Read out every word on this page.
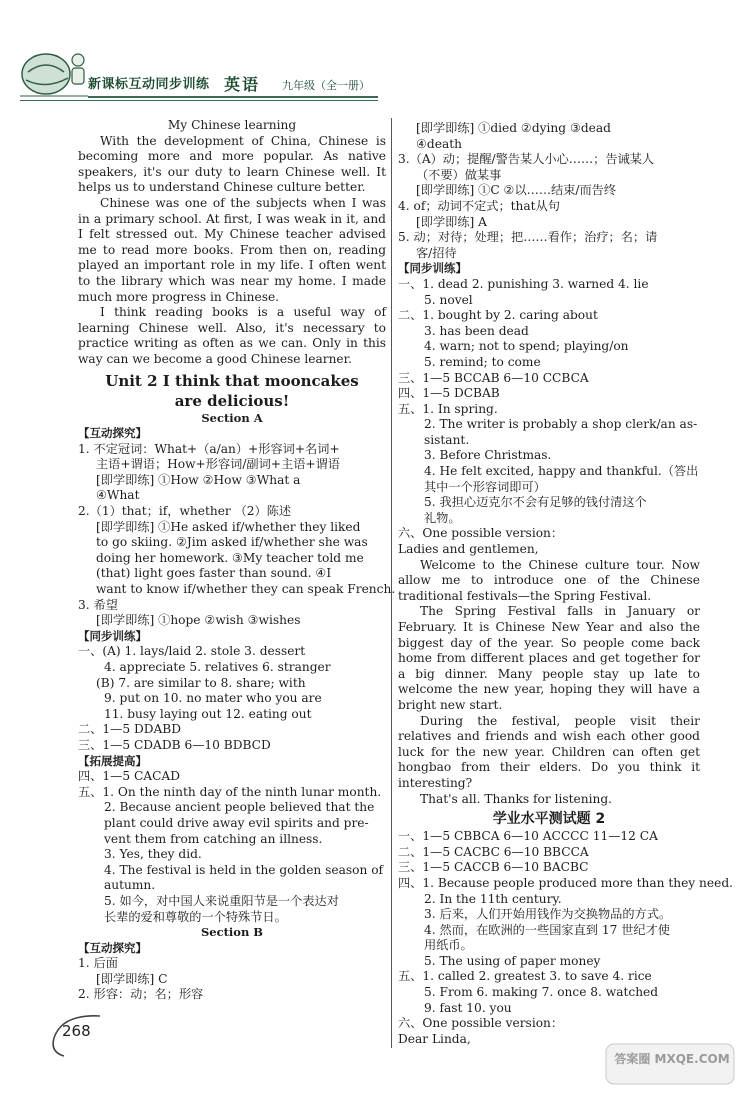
新课标互动同步训练 英语 九年级（全一册）
My Chinese learning
With the development of China, Chinese is becoming more and more popular. As native speakers, it's our duty to learn Chinese well. It helps us to understand Chinese culture better.
Chinese was one of the subjects when I was in a primary school. At first, I was weak in it, and I felt stressed out. My Chinese teacher advised me to read more books. From then on, reading played an important role in my life. I often went to the library which was near my home. I made much more progress in Chinese.
I think reading books is a useful way of learning Chinese well. Also, it's necessary to practice writing as often as we can. Only in this way can we become a good Chinese learner.
Unit 2 I think that mooncakes
are delicious!
Section A
【互动探究】
1. 不定冠词：What+（a/an）+形容词+名词+
主语+谓语；How+形容词/副词+主语+谓语
[即学即练] ①How ②How ③What a
④What
2.（1）that；if，whether （2）陈述
[即学即练] ①He asked if/whether they liked
to go skiing. ②Jim asked if/whether she was
doing her homework. ③My teacher told me
(that) light goes faster than sound. ④I
want to know if/whether they can speak French.
3. 希望
[即学即练] ①hope ②wish ③wishes
【同步训练】
一、(A) 1. lays/laid 2. stole 3. dessert
4. appreciate 5. relatives 6. stranger
(B) 7. are similar to 8. share; with
9. put on 10. no mater who you are
11. busy laying out 12. eating out
二、1—5 DDABD
三、1—5 CDADB 6—10 BDBCD
【拓展提高】
四、1—5 CACAD
五、1. On the ninth day of the ninth lunar month.
2. Because ancient people believed that the
plant could drive away evil spirits and pre-
vent them from catching an illness.
3. Yes, they did.
4. The festival is held in the golden season of
autumn.
5. 如今，对中国人来说重阳节是一个表达对
长辈的爱和尊敬的一个特殊节日。
Section B
【互动探究】
1. 后面
[即学即练] C
2. 形容：动；名；形容
[即学即练] ①died ②dying ③dead
④death
3.（A）动；提醒/警告某人小心……；告诫某人
（不要）做某事
[即学即练] ①C ②以……结束/而告终
4. of；动词不定式；that从句
[即学即练] A
5. 动；对待；处理；把……看作；治疗；名；请
客/招待
【同步训练】
一、1. dead 2. punishing 3. warned 4. lie
5. novel
二、1. bought by 2. caring about
3. has been dead
4. warn; not to spend; playing/on
5. remind; to come
三、1—5 BCCAB 6—10 CCBCA
四、1—5 DCBAB
五、1. In spring.
2. The writer is probably a shop clerk/an as-
sistant.
3. Before Christmas.
4. He felt excited, happy and thankful.（答出
其中一个形容词即可）
5. 我担心迈克尔不会有足够的钱付清这个
礼物。
六、One possible version：
Ladies and gentlemen,
Welcome to the Chinese culture tour. Now allow me to introduce one of the Chinese traditional festivals—the Spring Festival.
The Spring Festival falls in January or February. It is Chinese New Year and also the biggest day of the year. So people come back home from different places and get together for a big dinner. Many people stay up late to welcome the new year, hoping they will have a bright new start.
During the festival, people visit their relatives and friends and wish each other good luck for the new year. Children can often get hongbao from their elders. Do you think it interesting?
That's all. Thanks for listening.
学业水平测试题 2
一、1—5 CBBCA 6—10 ACCCC 11—12 CA
二、1—5 CACBC 6—10 BBCCA
三、1—5 CACCB 6—10 BACBC
四、1. Because people produced more than they need.
2. In the 11th century.
3. 后来，人们开始用钱作为交换物品的方式。
4. 然而，在欧洲的一些国家直到 17 世纪才使
用纸币。
5. The using of paper money
五、1. called 2. greatest 3. to save 4. rice
5. From 6. making 7. once 8. watched
9. fast 10. you
六、One possible version：
Dear Linda,
268
答案圈 MXQE.COM
